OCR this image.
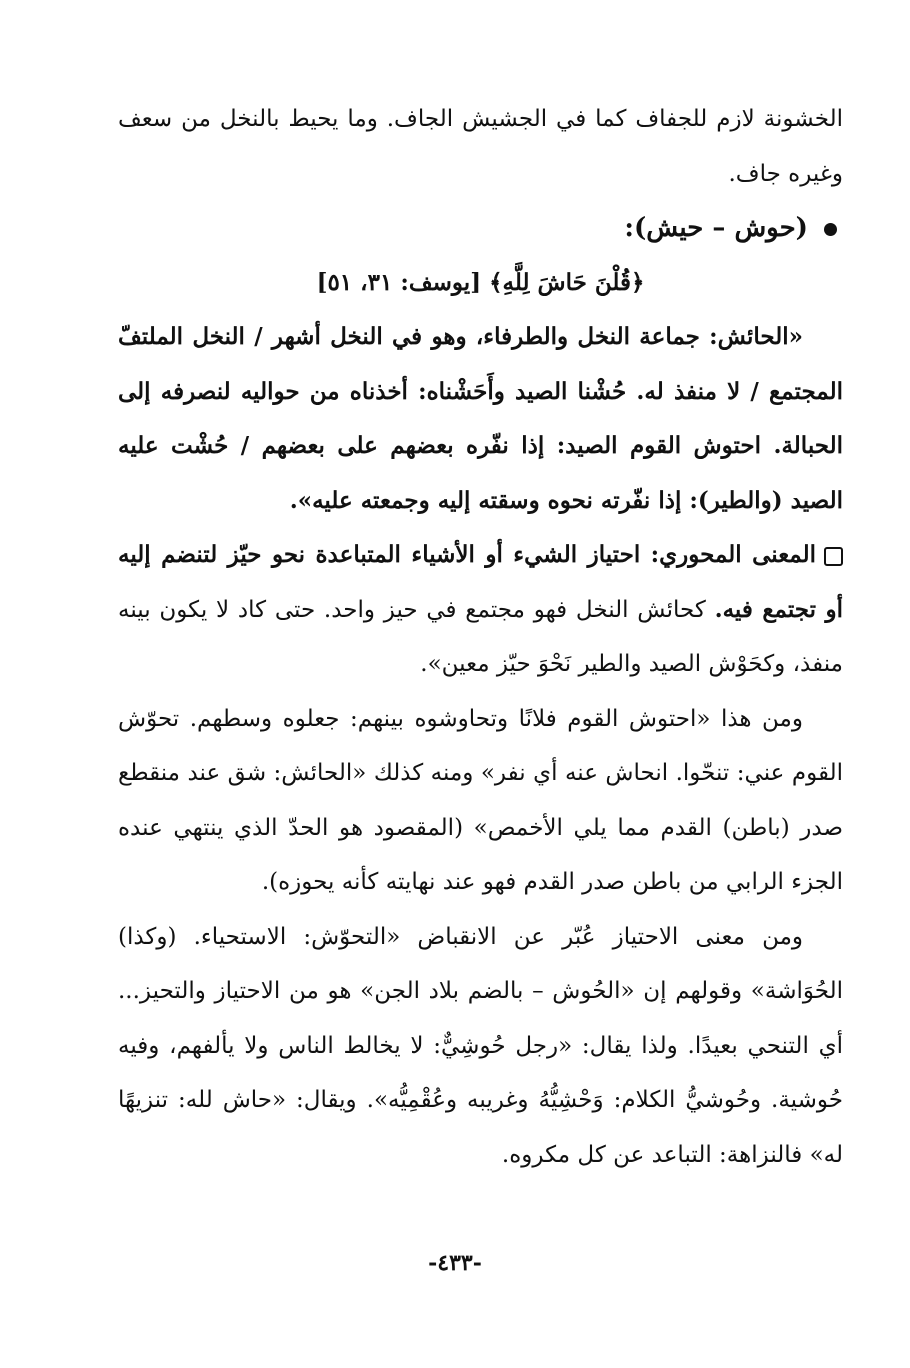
الخشونة لازم للجفاف كما في الجشيش الجاف. وما يحيط بالنخل من سعف وغيره جاف.

(حوش – حيش):

﴿قُلْنَ حَاشَ لِلَّهِ﴾ [يوسف: ٣١، ٥١]

«الحائش: جماعة النخل والطرفاء، وهو في النخل أشهر / النخل الملتفّ المجتمع / لا منفذ له. حُشْنا الصيد وأَحَشْناه: أخذناه من حواليه لنصرفه إلى الحبالة. احتوش القوم الصيد: إذا نفّره بعضهم على بعضهم / حُشْت عليه الصيد (والطير): إذا نفّرته نحوه وسقته إليه وجمعته عليه».

المعنى المحوري: احتياز الشيء أو الأشياء المتباعدة نحو حيّز لتنضم إليه أو تجتمع فيه. كحائش النخل فهو مجتمع في حيز واحد. حتى كاد لا يكون بينه منفذ، وكحَوْش الصيد والطير نَحْوَ حيّز معين».

ومن هذا «احتوش القوم فلانًا وتحاوشوه بينهم: جعلوه وسطهم. تحوّش القوم عني: تنحّوا. انحاش عنه أي نفر» ومنه كذلك «الحائش: شق عند منقطع صدر (باطن) القدم مما يلي الأخمص» (المقصود هو الحدّ الذي ينتهي عنده الجزء الرابي من باطن صدر القدم فهو عند نهايته كأنه يحوزه).

ومن معنى الاحتياز عُبّر عن الانقباض «التحوّش: الاستحياء. (وكذا) الحُوَاشة» وقولهم إن «الحُوش – بالضم بلاد الجن» هو من الاحتياز والتحيز... أي التنحي بعيدًا. ولذا يقال: «رجل حُوشِيٌّ: لا يخالط الناس ولا يألفهم، وفيه حُوشية. وحُوشيُّ الكلام: وَحْشِيُّهُ وغريبه وعُقْمِيُّه». ويقال: «حاش لله: تنزيهًا له» فالنزاهة: التباعد عن كل مكروه.

-٤٣٣-
